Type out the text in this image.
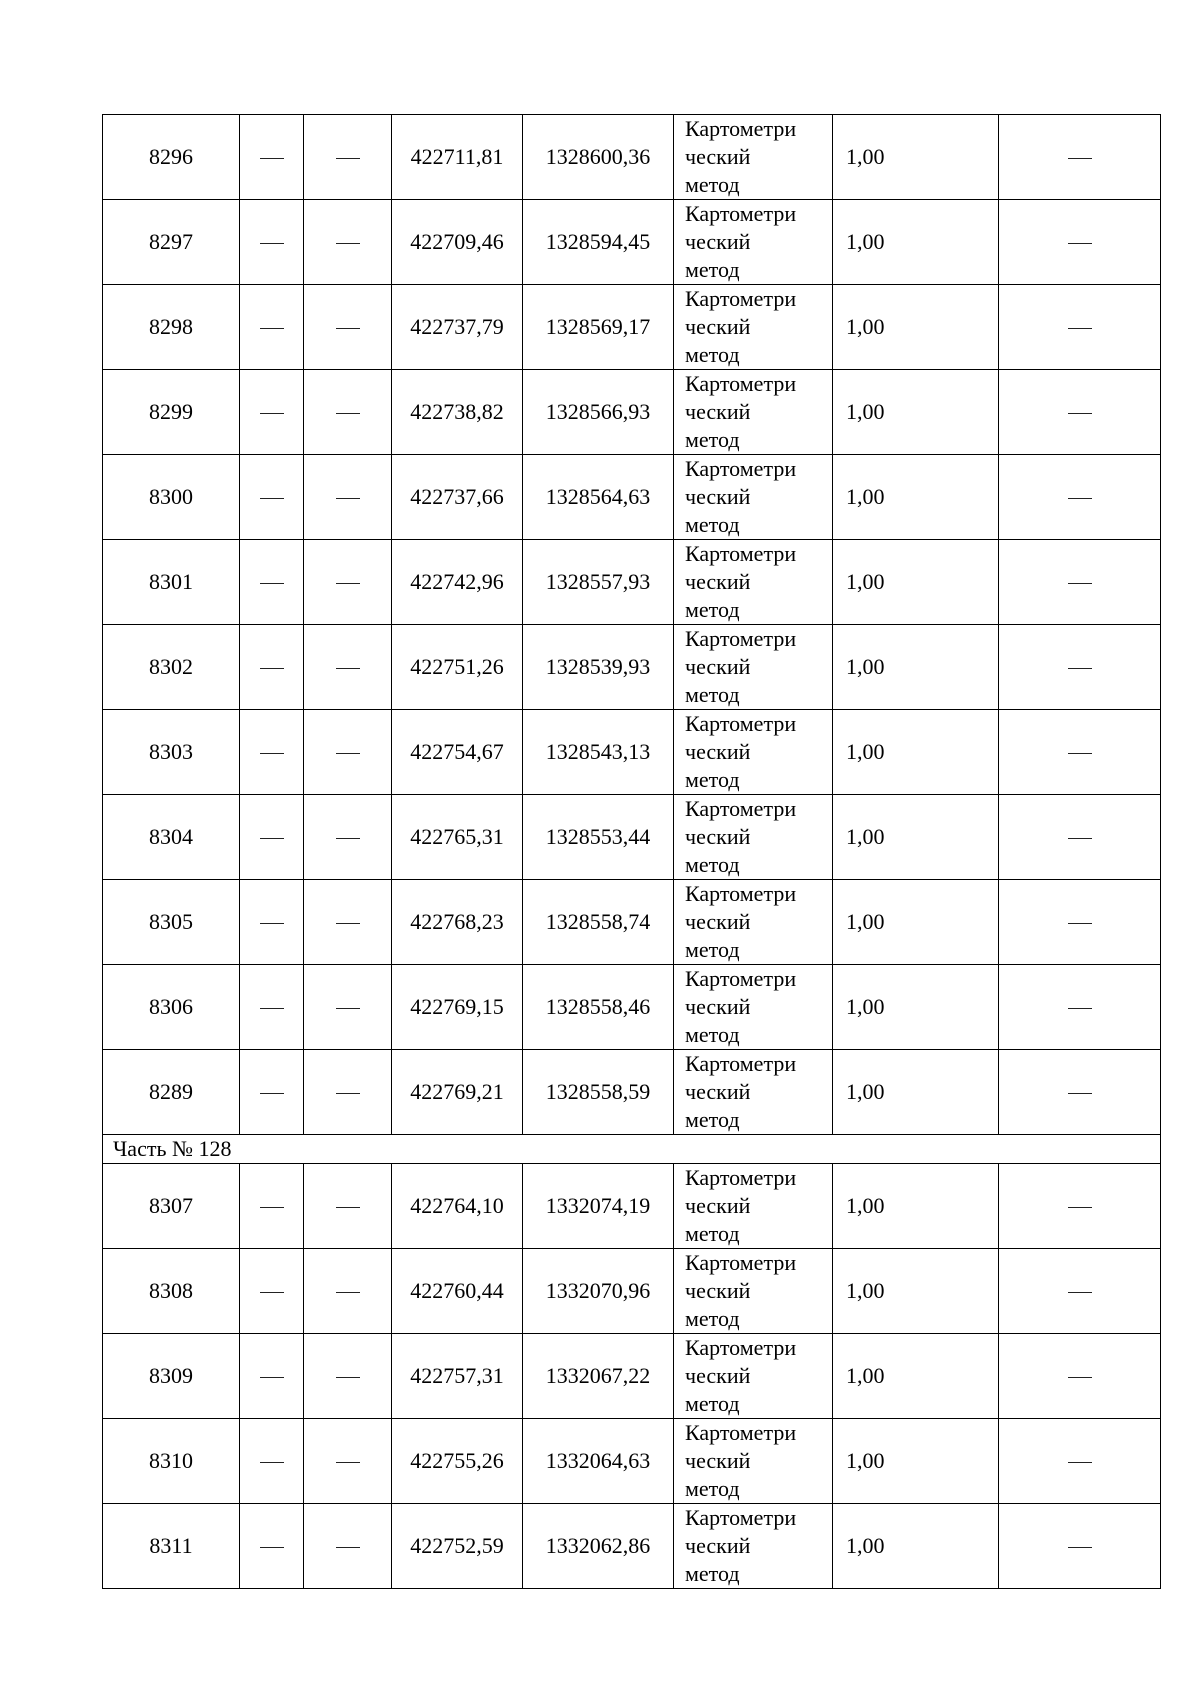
8296			422711,81	1328600,36	Картометри
ческий
метод	1,00	

8297			422709,46	1328594,45	Картометри
ческий
метод	1,00	

8298			422737,79	1328569,17	Картометри
ческий
метод	1,00	

8299			422738,82	1328566,93	Картометри
ческий
метод	1,00	

8300			422737,66	1328564,63	Картометри
ческий
метод	1,00	

8301			422742,96	1328557,93	Картометри
ческий
метод	1,00	

8302			422751,26	1328539,93	Картометри
ческий
метод	1,00	

8303			422754,67	1328543,13	Картометри
ческий
метод	1,00	

8304			422765,31	1328553,44	Картометри
ческий
метод	1,00	

8305			422768,23	1328558,74	Картометри
ческий
метод	1,00	

8306			422769,15	1328558,46	Картометри
ческий
метод	1,00	

8289			422769,21	1328558,59	Картометри
ческий
метод	1,00	

Часть № 128							
8307			422764,10	1332074,19	Картометри
ческий
метод	1,00	

8308			422760,44	1332070,96	Картометри
ческий
метод	1,00	

8309			422757,31	1332067,22	Картометри
ческий
метод	1,00	

8310			422755,26	1332064,63	Картометри
ческий
метод	1,00	

8311			422752,59	1332062,86	Картометри
ческий
метод	1,00	
